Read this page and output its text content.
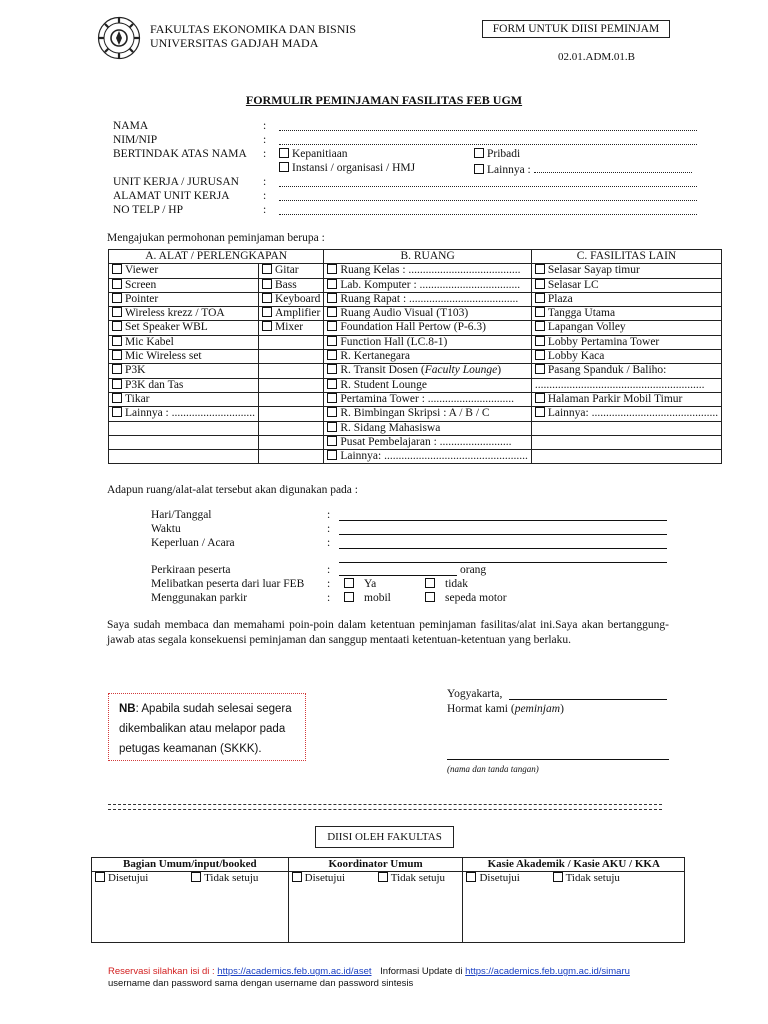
FAKULTAS EKONOMIKA DAN BISNIS
UNIVERSITAS GADJAH MADA
FORM UNTUK DIISI PEMINJAM
02.01.ADM.01.B
FORMULIR PEMINJAMAN FASILITAS FEB UGM
NAMA	:
NIM/NIP	:
BERTINDAK ATAS NAMA :	Kepanitiaan	Pribadi
Instansi / organisasi / HMJ	Lainnya :
UNIT KERJA / JURUSAN :
ALAMAT UNIT KERJA	:
NO TELP / HP	:
Mengajukan permohonan peminjaman berupa :
A. ALAT / PERLENGKAPAN		B. RUANG	C. FASILITAS LAIN
Viewer	Gitar	Ruang Kelas : .......................................	Selasar Sayap timur
Screen	Bass	Lab. Komputer : ...................................	Selasar LC
Pointer	Keyboard	Ruang Rapat : ......................................	Plaza
Wireless krezz / TOA	Amplifier	Ruang Audio Visual (T103)	Tangga Utama
Set Speaker WBL	Mixer	Foundation Hall Pertow (P-6.3)	Lapangan Volley
Mic Kabel		Function Hall (LC.8-1)	Lobby Pertamina Tower
Mic Wireless set		R. Kertanegara	Lobby Kaca
P3K		R. Transit Dosen (Faculty Lounge)	Pasang Spanduk / Baliho:
P3K dan Tas		R. Student Lounge	...........................................................
Tikar		Pertamina Tower : ..............................	Halaman Parkir Mobil Timur
Lainnya : .............................		R. Bimbingan Skripsi : A / B / C	Lainnya: ............................................
		R. Sidang Mahasiswa	
		Pusat Pembelajaran : .........................	
		Lainnya: ..................................................	
Adapun ruang/alat-alat tersebut akan digunakan pada :
Hari/Tanggal	:
Waktu	:
Keperluan / Acara	:
Perkiraan peserta	:	orang
Melibatkan peserta dari luar FEB :	Ya	tidak
Menggunakan parkir	:	mobil	sepeda motor
Saya sudah membaca dan memahami poin-poin dalam ketentuan peminjaman fasilitas/alat ini.Saya akan bertanggung-jawab atas segala konsekuensi peminjaman dan sanggup mentaati ketentuan-ketentuan yang berlaku.
NB: Apabila sudah selesai segera dikembalikan atau melapor pada petugas keamanan (SKKK).
Yogyakarta,
Hormat kami (peminjam)
(nama dan tanda tangan)
DIISI OLEH FAKULTAS
Bagian Umum/input/booked	Koordinator Umum	Kasie Akademik / Kasie AKU / KKA
Disetujui Tidak setuju	Disetujui Tidak setuju	Disetujui Tidak setuju
Reservasi silahkan isi di : https://academics.feb.ugm.ac.id/aset Informasi Update di https://academics.feb.ugm.ac.id/simaru
username dan password sama dengan username dan password sintesis
